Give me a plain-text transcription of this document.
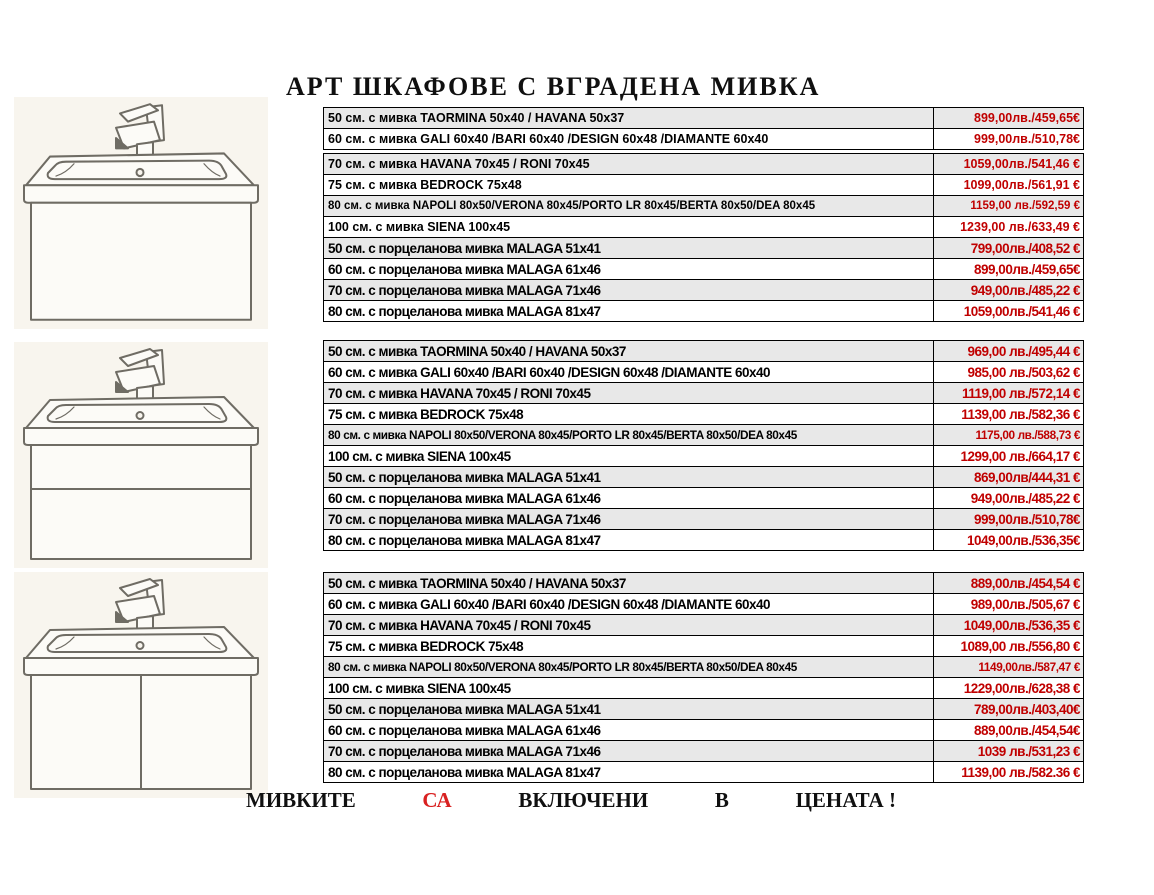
АРТ ШКАФОВЕ С ВГРАДЕНА МИВКА
50 см. с мивка TAORMINA 50x40 / HAVANA 50x37	899,00лв./459,65€
60 см. с мивка GALI 60x40 /BARI 60x40 /DESIGN 60x48 /DIAMANTE 60x40	999,00лв./510,78€
70 см. с мивка HAVANA 70x45 / RONI 70x45	1059,00лв./541,46 €
75 см. с мивка BEDROCK 75x48	1099,00лв./561,91 €
80 см. с мивка NAPOLI 80x50/VERONA 80x45/PORTO LR 80x45/BERTA 80x50/DEA 80x45	1159,00 лв./592,59 €
100 см. с мивка SIENA 100x45	1239,00 лв./633,49 €
50 см. с порцеланова мивка MALAGA 51x41	799,00лв./408,52 €
60 см. с порцеланова мивка MALAGA 61x46	899,00лв./459,65€
70 см. с порцеланова мивка MALAGA 71x46	949,00лв./485,22 €
80 см. с порцеланова мивка MALAGA 81x47	1059,00лв./541,46 €
50 см. с мивка TAORMINA 50x40 / HAVANA 50x37	969,00 лв./495,44 €
60 см. с мивка GALI 60x40 /BARI 60x40 /DESIGN 60x48 /DIAMANTE 60x40	985,00 лв./503,62 €
70 см. с мивка HAVANA 70x45 / RONI 70x45	1119,00 лв./572,14 €
75 см. с мивка BEDROCK 75x48	1139,00 лв./582,36 €
80 см. с мивка NAPOLI 80x50/VERONA 80x45/PORTO LR 80x45/BERTA 80x50/DEA 80x45	1175,00 лв./588,73 €
100 см. с мивка SIENA 100x45	1299,00 лв./664,17 €
50 см. с порцеланова мивка MALAGA 51x41	869,00лв/444,31 €
60 см. с порцеланова мивка MALAGA 61x46	949,00лв./485,22 €
70 см. с порцеланова мивка MALAGA 71x46	999,00лв./510,78€
80 см. с порцеланова мивка MALAGA 81x47	1049,00лв./536,35€
50 см. с мивка TAORMINA 50x40 / HAVANA 50x37	889,00лв./454,54 €
60 см. с мивка GALI 60x40 /BARI 60x40 /DESIGN 60x48 /DIAMANTE 60x40	989,00лв./505,67 €
70 см. с мивка HAVANA 70x45 / RONI 70x45	1049,00лв./536,35 €
75 см. с мивка BEDROCK 75x48	1089,00 лв./556,80 €
80 см. с мивка NAPOLI 80x50/VERONA 80x45/PORTO LR 80x45/BERTA 80x50/DEA 80x45	1149,00лв./587,47 €
100 см. с мивка SIENA 100x45	1229,00лв./628,38 €
50 см. с порцеланова мивка MALAGA 51x41	789,00лв./403,40€
60 см. с порцеланова мивка MALAGA 61x46	889,00лв./454,54€
70 см. с порцеланова мивка MALAGA 71x46	1039 лв./531,23 €
80 см. с порцеланова мивка MALAGA 81x47	1139,00 лв./582.36 €
МИВКИТЕ	СА	ВКЛЮЧЕНИ	В	ЦЕНАТА !
